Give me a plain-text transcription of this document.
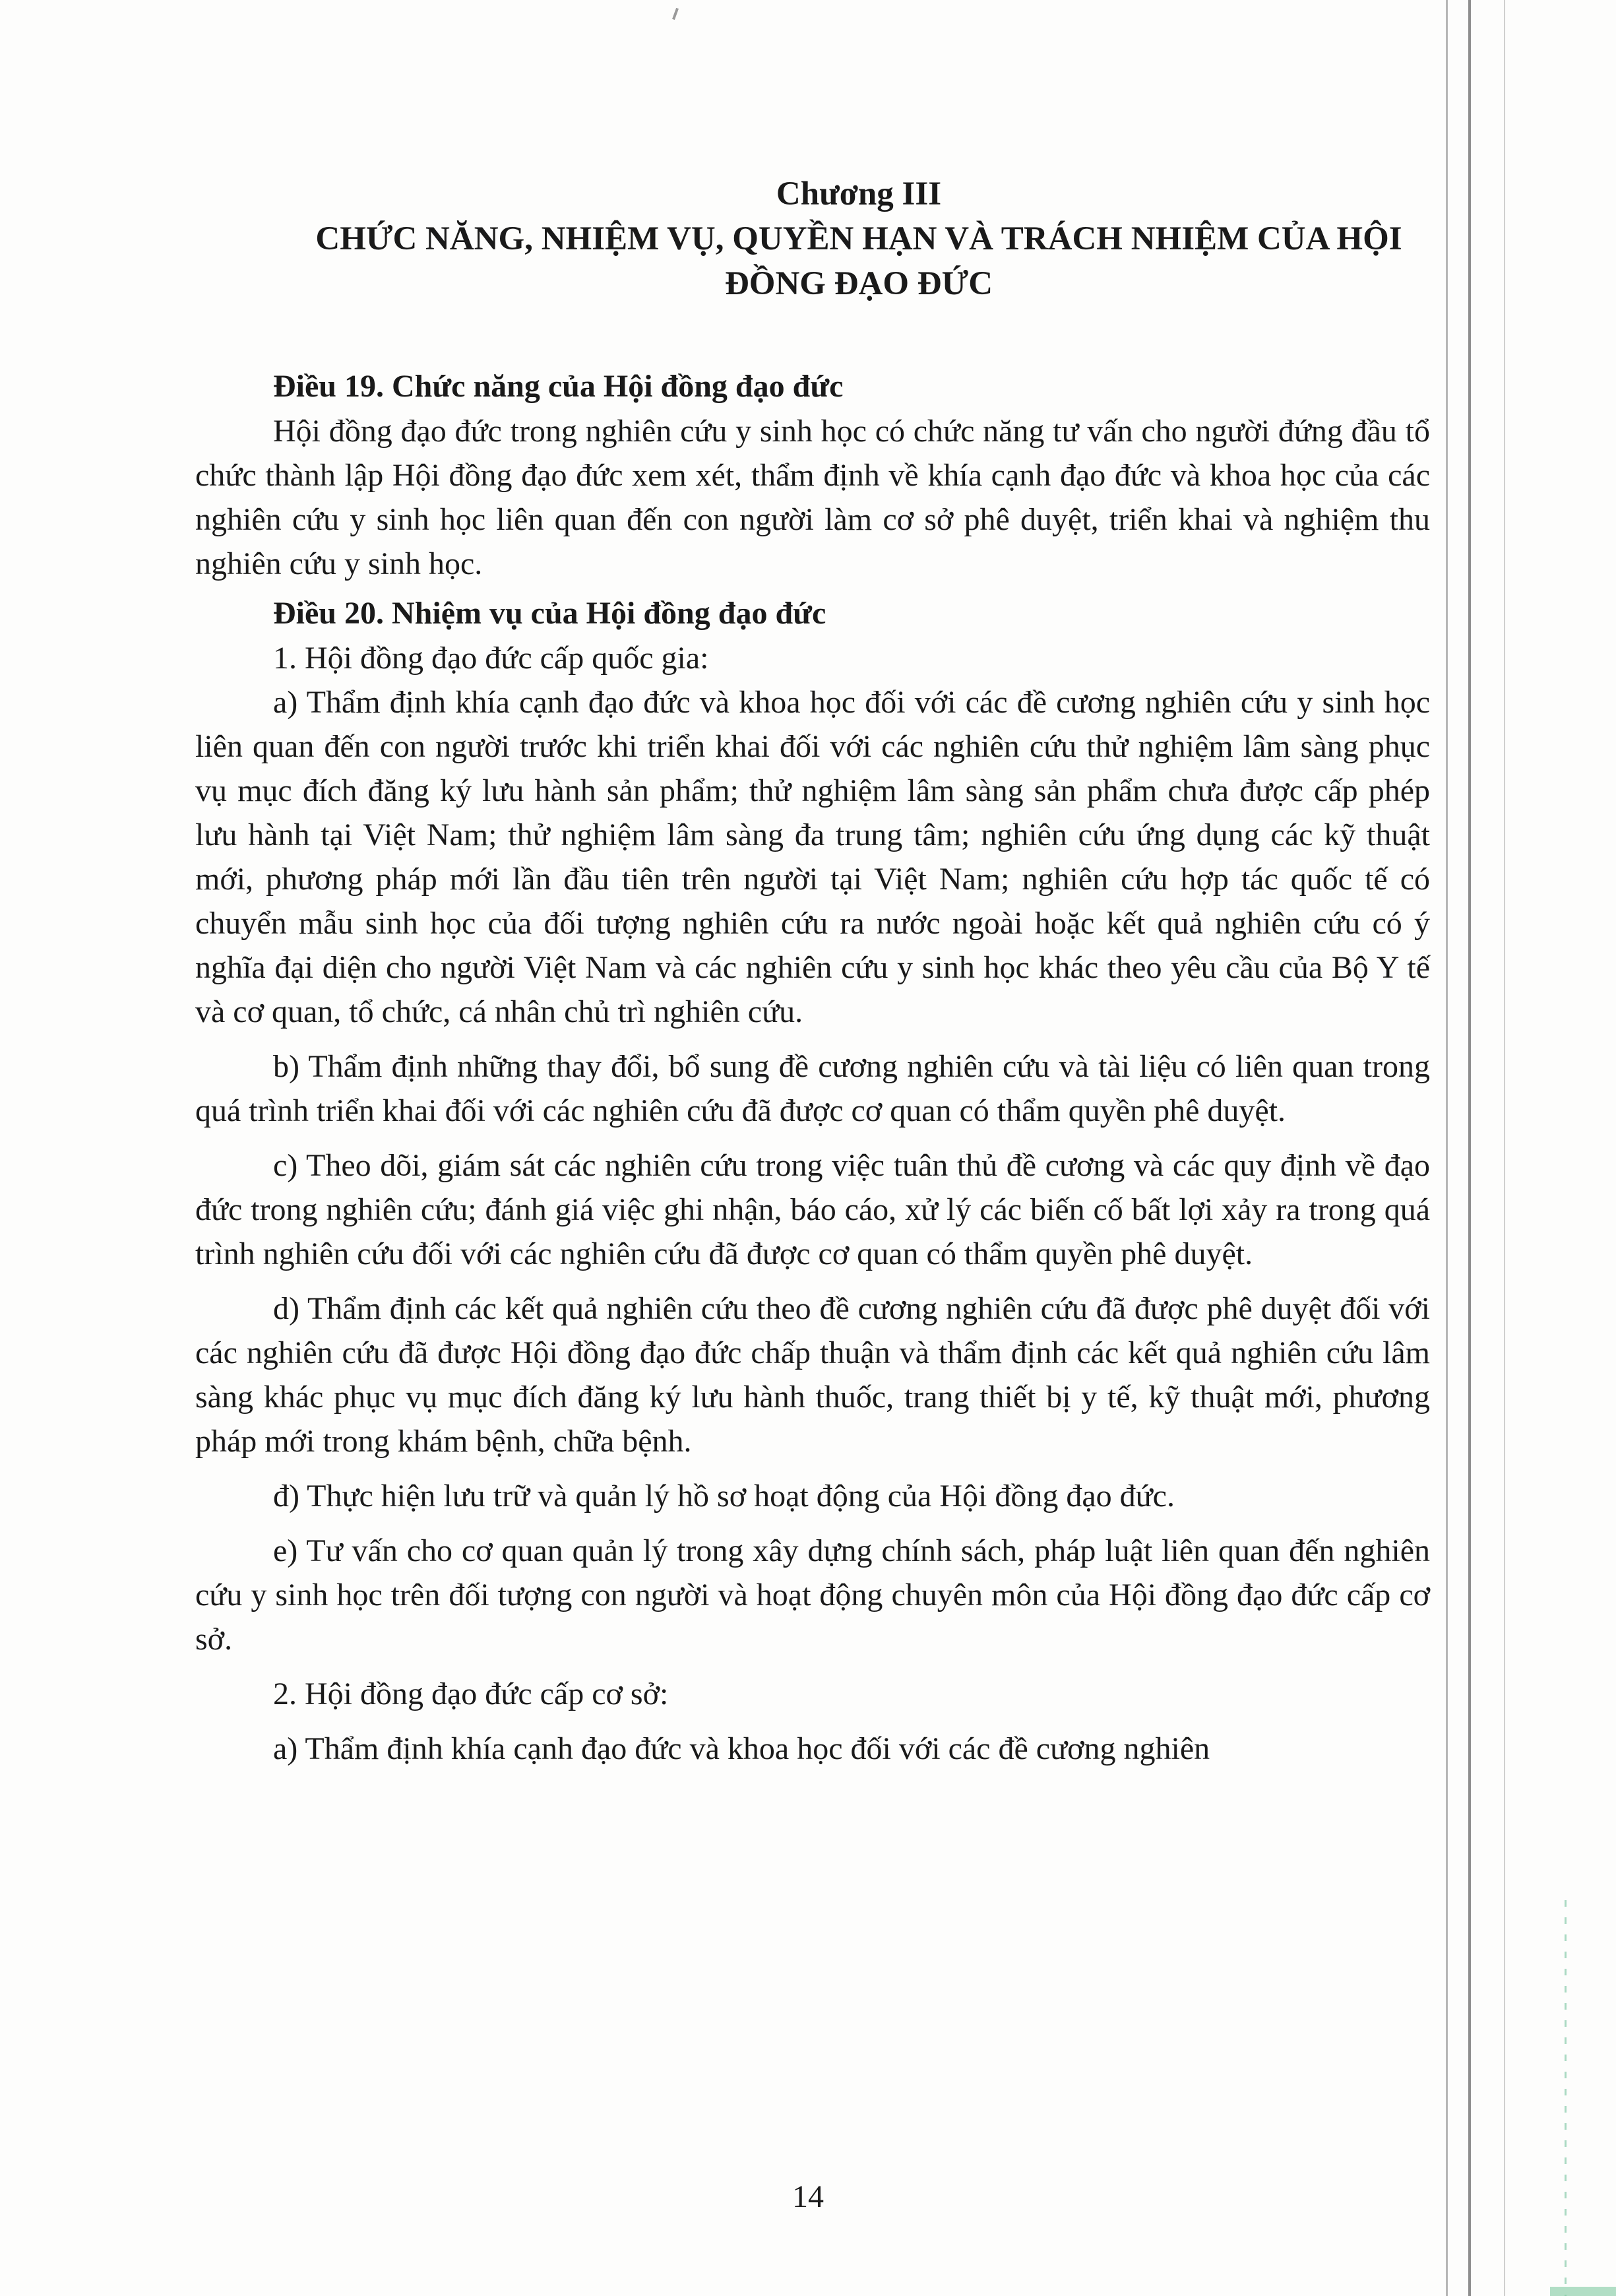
Chương III

CHỨC NĂNG, NHIỆM VỤ, QUYỀN HẠN VÀ TRÁCH NHIỆM CỦA HỘI ĐỒNG ĐẠO ĐỨC

Điều 19. Chức năng của Hội đồng đạo đức

Hội đồng đạo đức trong nghiên cứu y sinh học có chức năng tư vấn cho người đứng đầu tổ chức thành lập Hội đồng đạo đức xem xét, thẩm định về khía cạnh đạo đức và khoa học của các nghiên cứu y sinh học liên quan đến con người làm cơ sở phê duyệt, triển khai và nghiệm thu nghiên cứu y sinh học.

Điều 20. Nhiệm vụ của Hội đồng đạo đức

1. Hội đồng đạo đức cấp quốc gia:

a) Thẩm định khía cạnh đạo đức và khoa học đối với các đề cương nghiên cứu y sinh học liên quan đến con người trước khi triển khai đối với các nghiên cứu thử nghiệm lâm sàng phục vụ mục đích đăng ký lưu hành sản phẩm; thử nghiệm lâm sàng sản phẩm chưa được cấp phép lưu hành tại Việt Nam; thử nghiệm lâm sàng đa trung tâm; nghiên cứu ứng dụng các kỹ thuật mới, phương pháp mới lần đầu tiên trên người tại Việt Nam; nghiên cứu hợp tác quốc tế có chuyển mẫu sinh học của đối tượng nghiên cứu ra nước ngoài hoặc kết quả nghiên cứu có ý nghĩa đại diện cho người Việt Nam và các nghiên cứu y sinh học khác theo yêu cầu của Bộ Y tế và cơ quan, tổ chức, cá nhân chủ trì nghiên cứu.

b) Thẩm định những thay đổi, bổ sung đề cương nghiên cứu và tài liệu có liên quan trong quá trình triển khai đối với các nghiên cứu đã được cơ quan có thẩm quyền phê duyệt.

c) Theo dõi, giám sát các nghiên cứu trong việc tuân thủ đề cương và các quy định về đạo đức trong nghiên cứu; đánh giá việc ghi nhận, báo cáo, xử lý các biến cố bất lợi xảy ra trong quá trình nghiên cứu đối với các nghiên cứu đã được cơ quan có thẩm quyền phê duyệt.

d) Thẩm định các kết quả nghiên cứu theo đề cương nghiên cứu đã được phê duyệt đối với các nghiên cứu đã được Hội đồng đạo đức chấp thuận và thẩm định các kết quả nghiên cứu lâm sàng khác phục vụ mục đích đăng ký lưu hành thuốc, trang thiết bị y tế, kỹ thuật mới, phương pháp mới trong khám bệnh, chữa bệnh.

đ) Thực hiện lưu trữ và quản lý hồ sơ hoạt động của Hội đồng đạo đức.

e) Tư vấn cho cơ quan quản lý trong xây dựng chính sách, pháp luật liên quan đến nghiên cứu y sinh học trên đối tượng con người và hoạt động chuyên môn của Hội đồng đạo đức cấp cơ sở.

2. Hội đồng đạo đức cấp cơ sở:

a) Thẩm định khía cạnh đạo đức và khoa học đối với các đề cương nghiên

14
